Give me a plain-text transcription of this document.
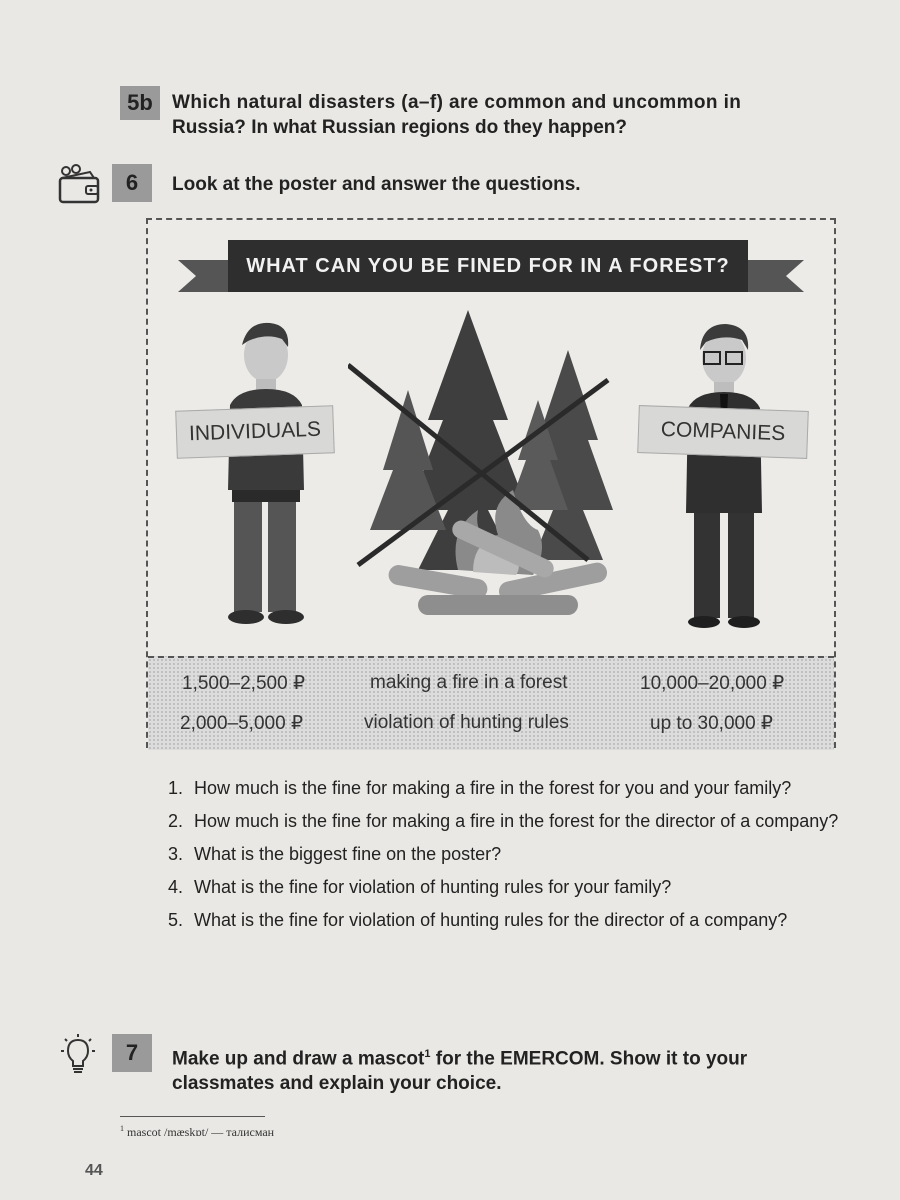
5b	Which natural disasters (a–f) are common and uncommon in
Russia? In what Russian regions do they happen?
6	Look at the poster and answer the questions.
WHAT CAN YOU BE FINED FOR IN A FOREST?
INDIVIDUALS	COMPANIES
1,500–2,500 ₽	making a fire in a forest	10,000–20,000 ₽
2,000–5,000 ₽	violation of hunting rules	up to 30,000 ₽
1. How much is the fine for making a fire in the forest for you and your family?
2. How much is the fine for making a fire in the forest for the director of a company?
3. What is the biggest fine on the poster?
4. What is the fine for violation of hunting rules for your family?
5. What is the fine for violation of hunting rules for the director of a company?
7	Make up and draw a mascot$^1$ for the EMERCOM. Show it to your
classmates and explain your choice.
$^1$ mascot /mæskɒt/ — талисман
44
